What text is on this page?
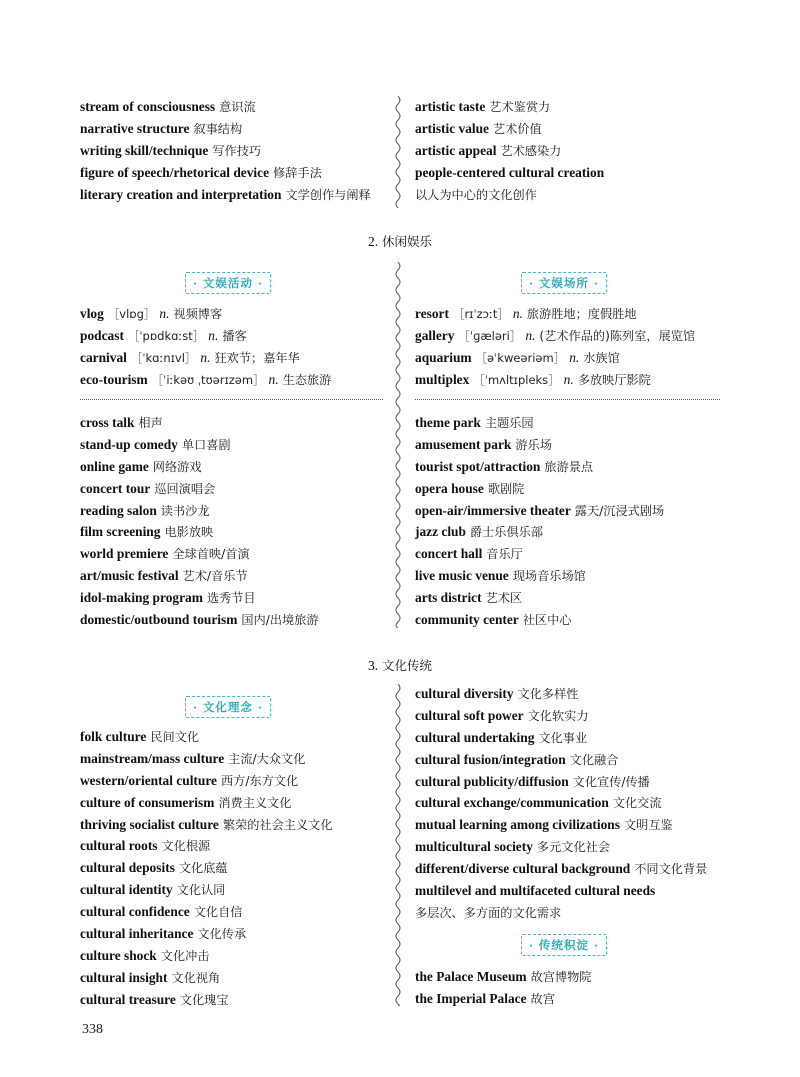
stream of consciousness 意识流
narrative structure 叙事结构
writing skill/technique 写作技巧
figure of speech/rhetorical device 修辞手法
literary creation and interpretation 文学创作与阐释
artistic taste 艺术鉴赏力
artistic value 艺术价值
artistic appeal 艺术感染力
people-centered cultural creation
以人为中心的文化创作
2. 休闲娱乐
· 文娱活动 ·	· 文娱场所 ·
vlog ［vlɒg］ n. 视频博客
podcast ［ˈpɒdkɑːst］ n. 播客
carnival ［ˈkɑːnɪvl］ n. 狂欢节；嘉年华
eco-tourism ［ˈiːkəʊ ˌtʊərɪzəm］ n. 生态旅游
resort ［rɪˈzɔːt］ n. 旅游胜地；度假胜地
gallery ［ˈɡæləri］ n. (艺术作品的)陈列室，展览馆
aquarium ［əˈkweəriəm］ n. 水族馆
multiplex ［ˈmʌltɪpleks］ n. 多放映厅影院
cross talk 相声
stand-up comedy 单口喜剧
online game 网络游戏
concert tour 巡回演唱会
reading salon 读书沙龙
film screening 电影放映
world premiere 全球首映/首演
art/music festival 艺术/音乐节
idol-making program 选秀节目
domestic/outbound tourism 国内/出境旅游
theme park 主题乐园
amusement park 游乐场
tourist spot/attraction 旅游景点
opera house 歌剧院
open-air/immersive theater 露天/沉浸式剧场
jazz club 爵士乐俱乐部
concert hall 音乐厅
live music venue 现场音乐场馆
arts district 艺术区
community center 社区中心
3. 文化传统
· 文化理念 ·
folk culture 民间文化
mainstream/mass culture 主流/大众文化
western/oriental culture 西方/东方文化
culture of consumerism 消费主义文化
thriving socialist culture 繁荣的社会主义文化
cultural roots 文化根源
cultural deposits 文化底蕴
cultural identity 文化认同
cultural confidence 文化自信
cultural inheritance 文化传承
culture shock 文化冲击
cultural insight 文化视角
cultural treasure 文化瑰宝
cultural diversity 文化多样性
cultural soft power 文化软实力
cultural undertaking 文化事业
cultural fusion/integration 文化融合
cultural publicity/diffusion 文化宣传/传播
cultural exchange/communication 文化交流
mutual learning among civilizations 文明互鉴
multicultural society 多元文化社会
different/diverse cultural background 不同文化背景
multilevel and multifaceted cultural needs
多层次、多方面的文化需求
· 传统积淀 ·
the Palace Museum 故宫博物院
the Imperial Palace 故宫
338
